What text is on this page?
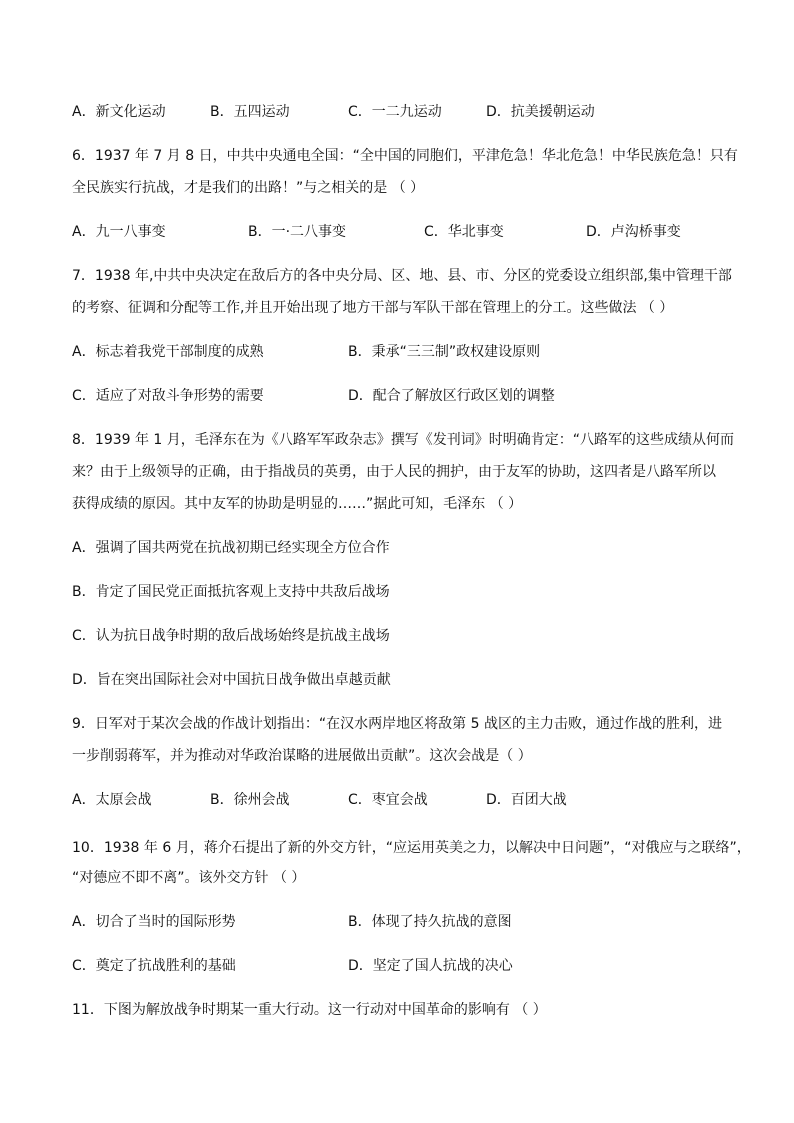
A．新文化运动	B．五四运动	C．一二九运动	D．抗美援朝运动
6．1937 年 7 月 8 日，中共中央通电全国：“全中国的同胞们，平津危急！华北危急！中华民族危急！只有
全民族实行抗战，才是我们的出路！”与之相关的是 （ ）
A．九一八事变	B．一·二八事变	C．华北事变	D．卢沟桥事变
7．1938 年,中共中央决定在敌后方的各中央分局、区、地、县、市、分区的党委设立组织部,集中管理干部
的考察、征调和分配等工作,并且开始出现了地方干部与军队干部在管理上的分工。这些做法 （ ）
A．标志着我党干部制度的成熟	B．秉承“三三制”政权建设原则
C．适应了对敌斗争形势的需要	D．配合了解放区行政区划的调整
8．1939 年 1 月，毛泽东在为《八路军军政杂志》撰写《发刊词》时明确肯定：“八路军的这些成绩从何而
来？由于上级领导的正确，由于指战员的英勇，由于人民的拥护，由于友军的协助，这四者是八路军所以
获得成绩的原因。其中友军的协助是明显的……”据此可知，毛泽东 （ ）
A．强调了国共两党在抗战初期已经实现全方位合作
B．肯定了国民党正面抵抗客观上支持中共敌后战场
C．认为抗日战争时期的敌后战场始终是抗战主战场
D．旨在突出国际社会对中国抗日战争做出卓越贡献
9．日军对于某次会战的作战计划指出：“在汉水两岸地区将敌第 5 战区的主力击败，通过作战的胜利，进
一步削弱蒋军，并为推动对华政治谋略的进展做出贡献”。这次会战是（ ）
A．太原会战	B．徐州会战	C．枣宜会战	D．百团大战
10．1938 年 6 月，蒋介石提出了新的外交方针，“应运用英美之力，以解决中日问题”，“对俄应与之联络”，
“对德应不即不离”。该外交方针 （ ）
A．切合了当时的国际形势	B．体现了持久抗战的意图
C．奠定了抗战胜利的基础	D．坚定了国人抗战的决心
11．下图为解放战争时期某一重大行动。这一行动对中国革命的影响有 （ ）
